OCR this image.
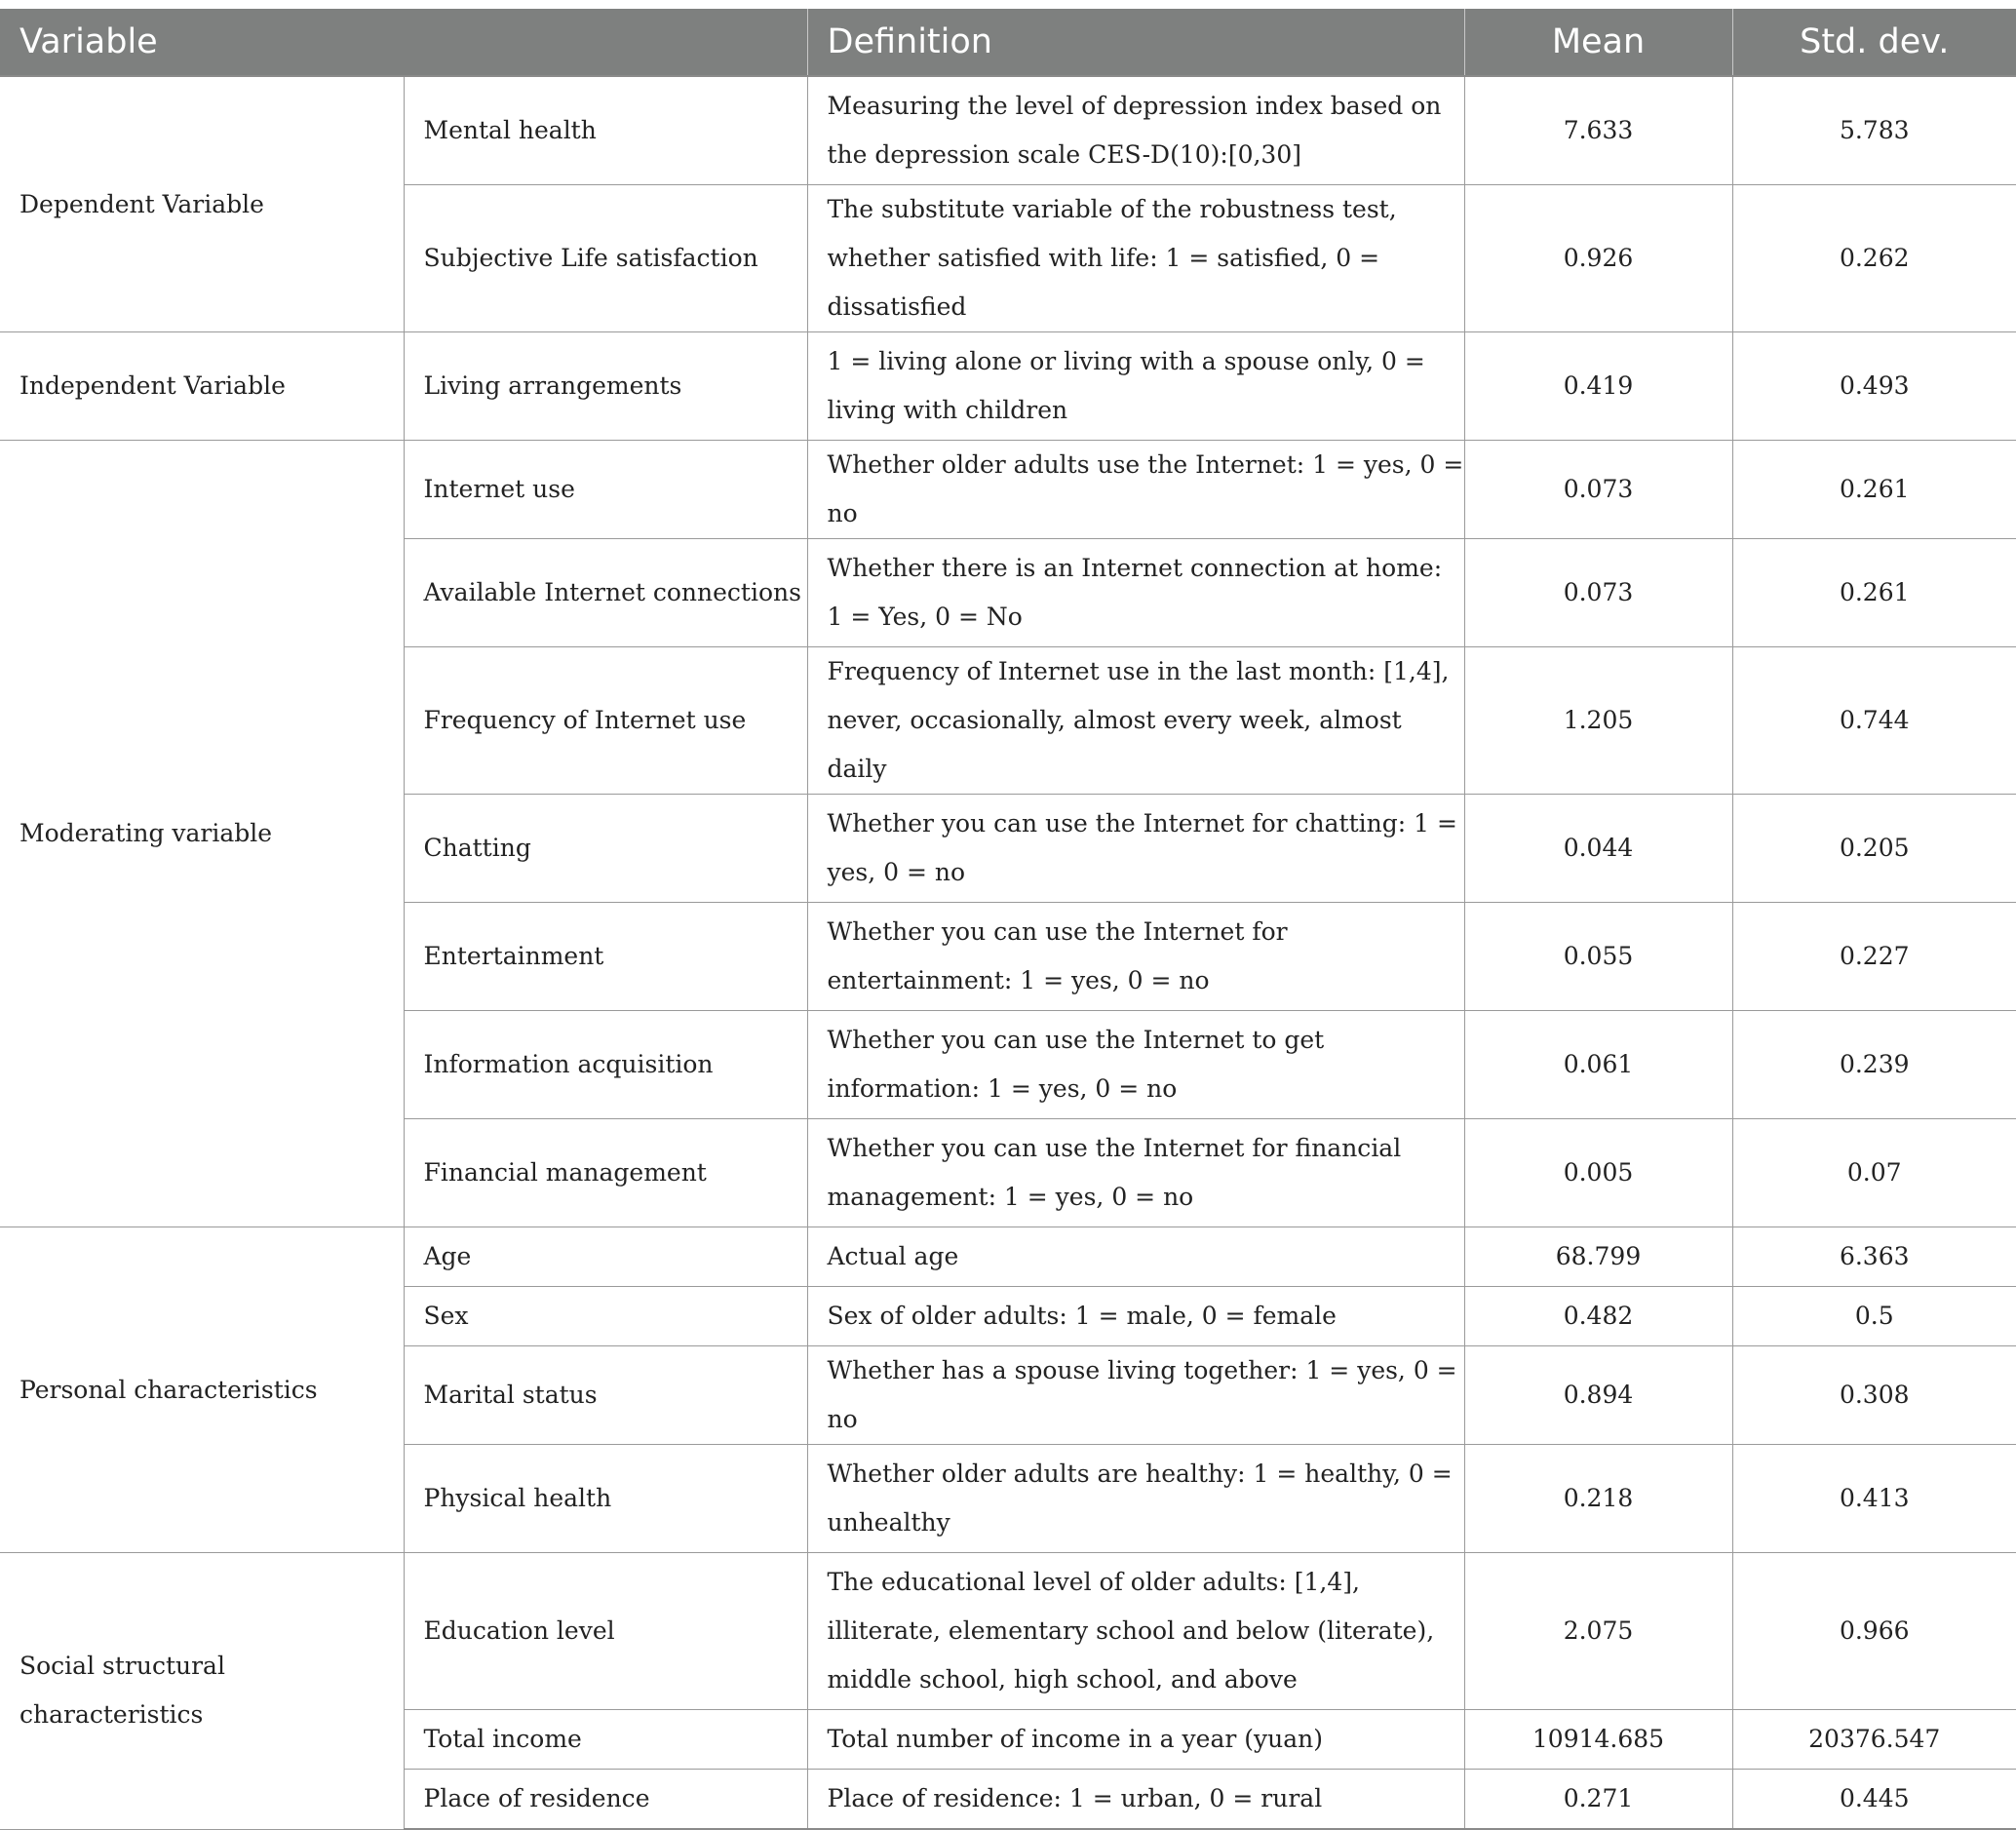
Variable		Definition	Mean	Std. dev.
Dependent Variable	Mental health	Measuring the level of depression index based on the depression scale CES-D(10):[0,30]	7.633	5.783
	Subjective Life satisfaction	The substitute variable of the robustness test, whether satisfied with life: 1 = satisfied, 0 = dissatisfied	0.926	0.262
Independent Variable	Living arrangements	1 = living alone or living with a spouse only, 0 = living with children	0.419	0.493
Moderating variable	Internet use	Whether older adults use the Internet: 1 = yes, 0 = no	0.073	0.261
	Available Internet connections	Whether there is an Internet connection at home: 1 = Yes, 0 = No	0.073	0.261
	Frequency of Internet use	Frequency of Internet use in the last month: [1,4], never, occasionally, almost every week, almost daily	1.205	0.744
	Chatting	Whether you can use the Internet for chatting: 1 = yes, 0 = no	0.044	0.205
	Entertainment	Whether you can use the Internet for entertainment: 1 = yes, 0 = no	0.055	0.227
	Information acquisition	Whether you can use the Internet to get information: 1 = yes, 0 = no	0.061	0.239
	Financial management	Whether you can use the Internet for financial management: 1 = yes, 0 = no	0.005	0.07
Personal characteristics	Age	Actual age	68.799	6.363
	Sex	Sex of older adults: 1 = male, 0 = female	0.482	0.5
	Marital status	Whether has a spouse living together: 1 = yes, 0 = no	0.894	0.308
	Physical health	Whether older adults are healthy: 1 = healthy, 0 = unhealthy	0.218	0.413
Social structural characteristics	Education level	The educational level of older adults: [1,4], illiterate, elementary school and below (literate), middle school, high school, and above	2.075	0.966
	Total income	Total number of income in a year (yuan)	10914.685	20376.547
	Place of residence	Place of residence: 1 = urban, 0 = rural	0.271	0.445
